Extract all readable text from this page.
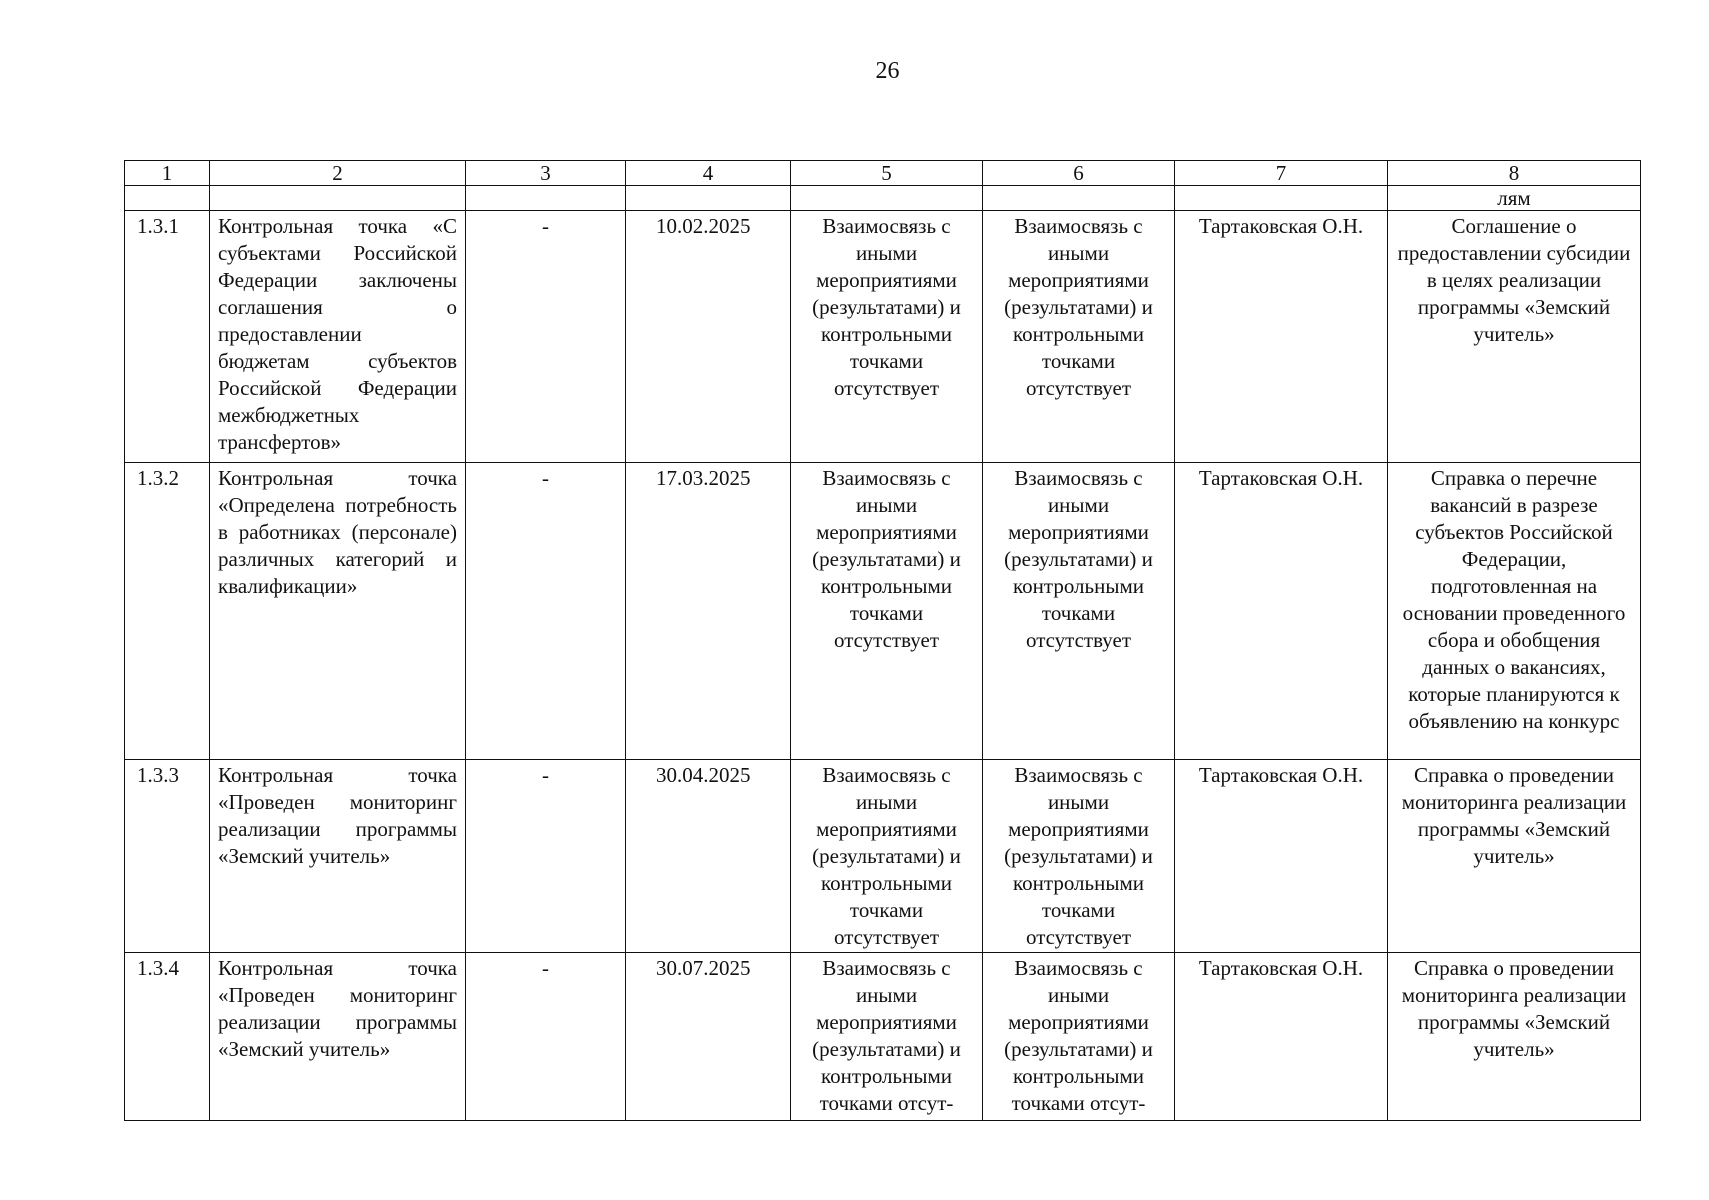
26
1	2	3	4	5	6	7	8
							лям
1.3.1	Контрольная точка «С субъектами Российской Федерации заключены соглашения о предоставлении бюджетам субъектов Российской Федерации межбюджетных трансфертов»	-	10.02.2025	Взаимосвязь с иными мероприятиями (результатами) и контрольными точками отсутствует	Взаимосвязь с иными мероприятиями (результатами) и контрольными точками отсутствует	Тартаковская О.Н.	Соглашение о предоставлении субсидии в целях реализации программы «Земский учитель»
1.3.2	Контрольная точка «Определена потребность в работниках (персонале) различных категорий и квалификации»	-	17.03.2025	Взаимосвязь с иными мероприятиями (результатами) и контрольными точками отсутствует	Взаимосвязь с иными мероприятиями (результатами) и контрольными точками отсутствует	Тартаковская О.Н.	Справка о перечне вакансий в разрезе субъектов Российской Федерации, подготовленная на основании проведенного сбора и обобщения данных о вакансиях, которые планируются к объявлению на конкурс
1.3.3	Контрольная точка «Проведен мониторинг реализации программы «Земский учитель»	-	30.04.2025	Взаимосвязь с иными мероприятиями (результатами) и контрольными точками отсутствует	Взаимосвязь с иными мероприятиями (результатами) и контрольными точками отсутствует	Тартаковская О.Н.	Справка о проведении мониторинга реализации программы «Земский учитель»
1.3.4	Контрольная точка «Проведен мониторинг реализации программы «Земский учитель»	-	30.07.2025	Взаимосвязь с иными мероприятиями (результатами) и контрольными точками отсут-	Взаимосвязь с иными мероприятиями (результатами) и контрольными точками отсут-	Тартаковская О.Н.	Справка о проведении мониторинга реализации программы «Земский учитель»
